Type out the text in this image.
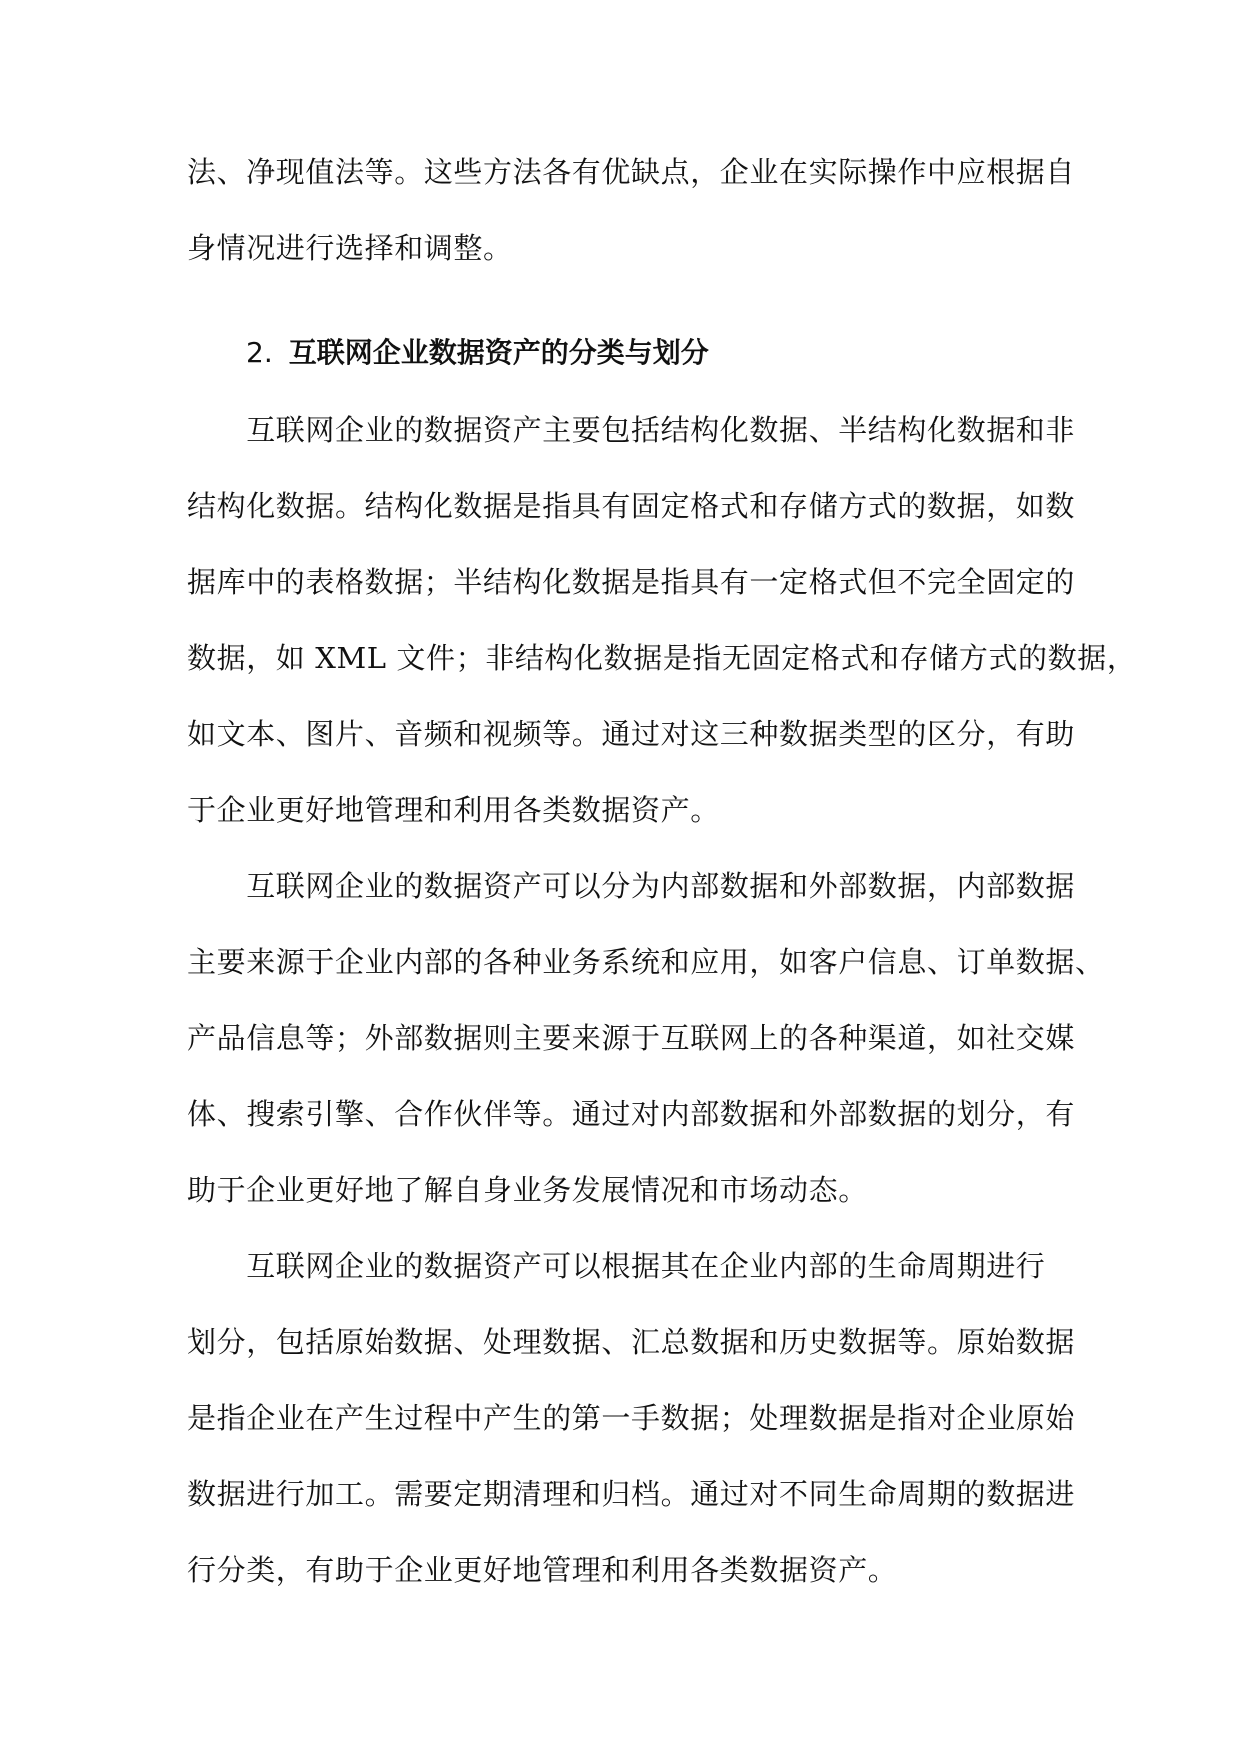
法、净现值法等。这些方法各有优缺点，企业在实际操作中应根据自
身情况进行选择和调整。
2. 互联网企业数据资产的分类与划分
　　互联网企业的数据资产主要包括结构化数据、半结构化数据和非
结构化数据。结构化数据是指具有固定格式和存储方式的数据，如数
据库中的表格数据；半结构化数据是指具有一定格式但不完全固定的
数据，如 XML 文件；非结构化数据是指无固定格式和存储方式的数据，
如文本、图片、音频和视频等。通过对这三种数据类型的区分，有助
于企业更好地管理和利用各类数据资产。
　　互联网企业的数据资产可以分为内部数据和外部数据，内部数据
主要来源于企业内部的各种业务系统和应用，如客户信息、订单数据、
产品信息等；外部数据则主要来源于互联网上的各种渠道，如社交媒
体、搜索引擎、合作伙伴等。通过对内部数据和外部数据的划分，有
助于企业更好地了解自身业务发展情况和市场动态。
　　互联网企业的数据资产可以根据其在企业内部的生命周期进行
划分，包括原始数据、处理数据、汇总数据和历史数据等。原始数据
是指企业在产生过程中产生的第一手数据；处理数据是指对企业原始
数据进行加工。需要定期清理和归档。通过对不同生命周期的数据进
行分类，有助于企业更好地管理和利用各类数据资产。
